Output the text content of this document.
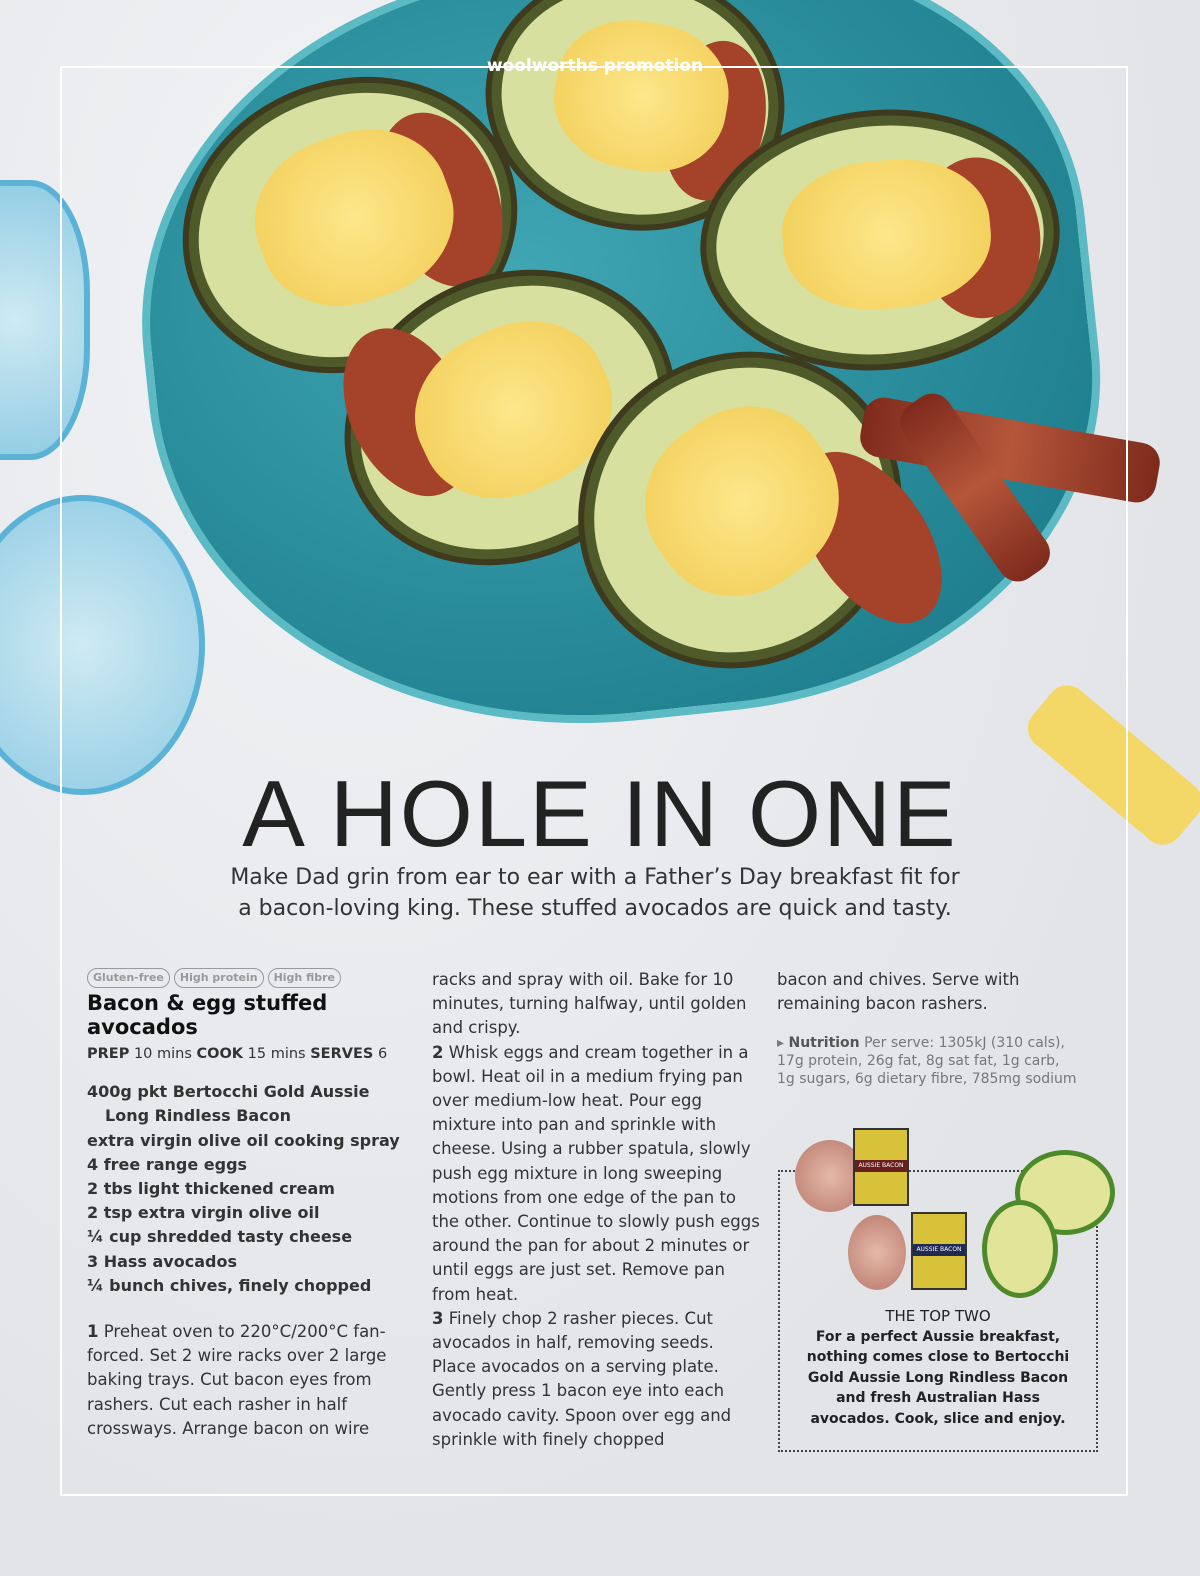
woolworths promotion
A HOLE IN ONE
Make Dad grin from ear to ear with a Father’s Day breakfast fit for
a bacon-loving king. These stuffed avocados are quick and tasty.
Gluten-free	High protein	High fibre
Bacon & egg stuffed avocados
PREP 10 mins COOK 15 mins SERVES 6
400g pkt Bertocchi Gold Aussie
Long Rindless Bacon
extra virgin olive oil cooking spray
4 free range eggs
2 tbs light thickened cream
2 tsp extra virgin olive oil
¼ cup shredded tasty cheese
3 Hass avocados
¼ bunch chives, finely chopped
1 Preheat oven to 220°C/200°C fan-forced. Set 2 wire racks over 2 large baking trays. Cut bacon eyes from rashers. Cut each rasher in half crossways. Arrange bacon on wire
racks and spray with oil. Bake for 10 minutes, turning halfway, until golden and crispy.
2 Whisk eggs and cream together in a bowl. Heat oil in a medium frying pan over medium-low heat. Pour egg mixture into pan and sprinkle with cheese. Using a rubber spatula, slowly push egg mixture in long sweeping motions from one edge of the pan to the other. Continue to slowly push eggs around the pan for about 2 minutes or until eggs are just set. Remove pan from heat.
3 Finely chop 2 rasher pieces. Cut avocados in half, removing seeds. Place avocados on a serving plate. Gently press 1 bacon eye into each avocado cavity. Spoon over egg and sprinkle with finely chopped
bacon and chives. Serve with remaining bacon rashers.
▸ Nutrition Per serve: 1305kJ (310 cals), 17g protein, 26g fat, 8g sat fat, 1g carb, 1g sugars, 6g dietary fibre, 785mg sodium
AUSSIE BACON
AUSSIE BACON
THE TOP TWO
For a perfect Aussie breakfast, nothing comes close to Bertocchi Gold Aussie Long Rindless Bacon and fresh Australian Hass avocados. Cook, slice and enjoy.
